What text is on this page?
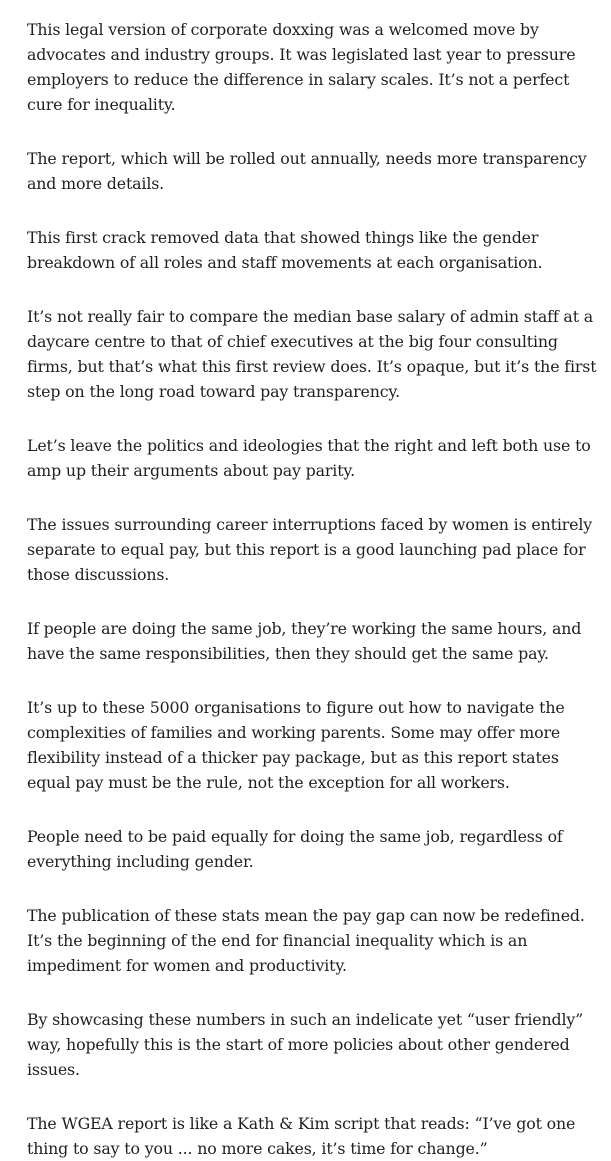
This legal version of corporate doxxing was a welcomed move by advocates and industry groups. It was legislated last year to pressure employers to reduce the difference in salary scales. It’s not a perfect cure for inequality.

The report, which will be rolled out annually, needs more transparency and more details.

This first crack removed data that showed things like the gender breakdown of all roles and staff movements at each organisation.

It’s not really fair to compare the median base salary of admin staff at a daycare centre to that of chief executives at the big four consulting firms, but that’s what this first review does. It’s opaque, but it’s the first step on the long road toward pay transparency.

Let’s leave the politics and ideologies that the right and left both use to amp up their arguments about pay parity.

The issues surrounding career interruptions faced by women is entirely separate to equal pay, but this report is a good launching pad place for those discussions.

If people are doing the same job, they’re working the same hours, and have the same responsibilities, then they should get the same pay.

It’s up to these 5000 organisations to figure out how to navigate the complexities of families and working parents. Some may offer more flexibility instead of a thicker pay package, but as this report states equal pay must be the rule, not the exception for all workers.

People need to be paid equally for doing the same job, regardless of everything including gender.

The publication of these stats mean the pay gap can now be redefined. It’s the beginning of the end for financial inequality which is an impediment for women and productivity.

By showcasing these numbers in such an indelicate yet “user friendly” way, hopefully this is the start of more policies about other gendered issues.

The WGEA report is like a Kath & Kim script that reads: “I’ve got one thing to say to you ... no more cakes, it’s time for change.”
